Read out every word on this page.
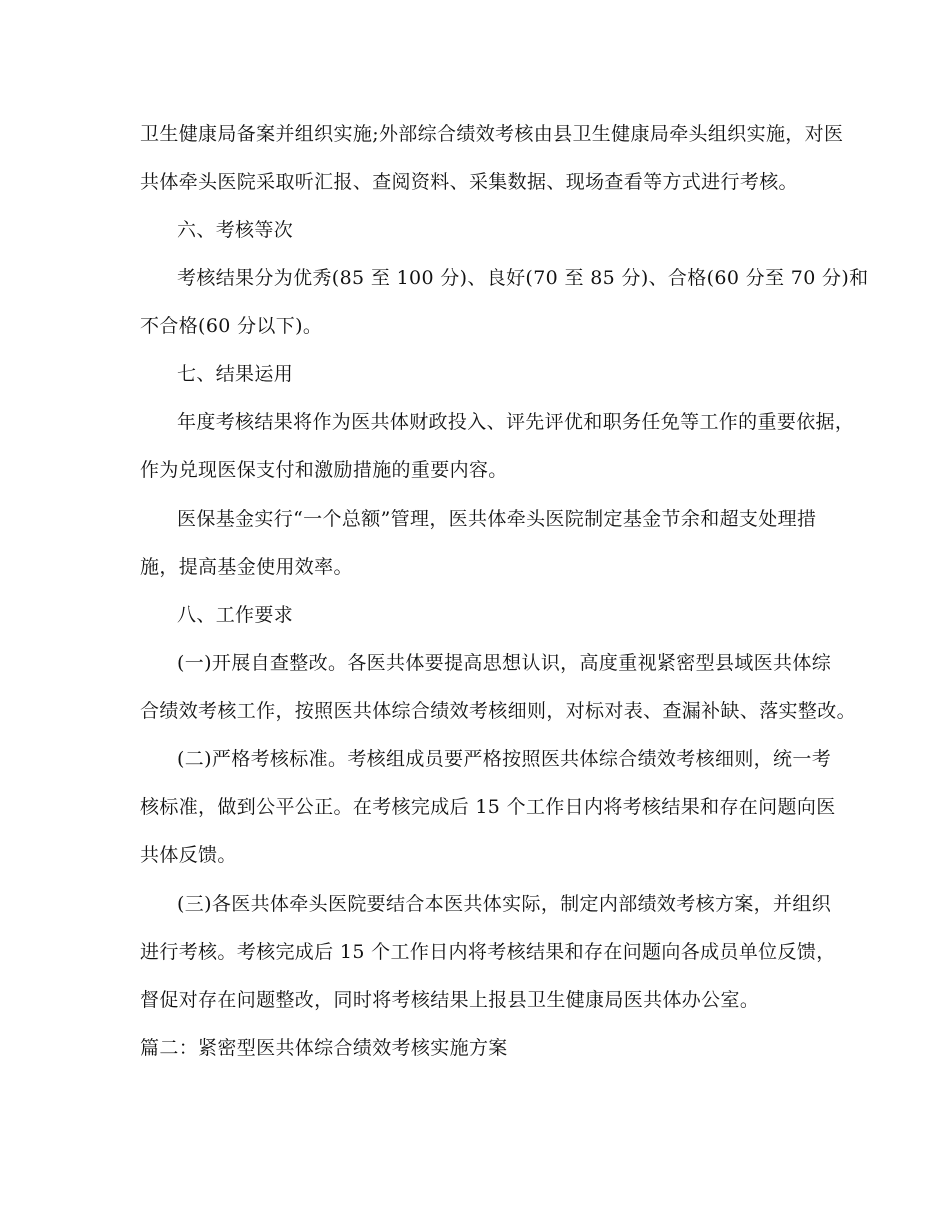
卫生健康局备案并组织实施;外部综合绩效考核由县卫生健康局牵头组织实施，对医
共体牵头医院采取听汇报、查阅资料、采集数据、现场查看等方式进行考核。
六、考核等次
考核结果分为优秀(85 至 100 分)、良好(70 至 85 分)、合格(60 分至 70 分)和
不合格(60 分以下)。
七、结果运用
年度考核结果将作为医共体财政投入、评先评优和职务任免等工作的重要依据，
作为兑现医保支付和激励措施的重要内容。
医保基金实行“一个总额”管理，医共体牵头医院制定基金节余和超支处理措
施，提高基金使用效率。
八、工作要求
(一)开展自查整改。各医共体要提高思想认识，高度重视紧密型县域医共体综
合绩效考核工作，按照医共体综合绩效考核细则，对标对表、查漏补缺、落实整改。
(二)严格考核标准。考核组成员要严格按照医共体综合绩效考核细则，统一考
核标准，做到公平公正。在考核完成后 15 个工作日内将考核结果和存在问题向医
共体反馈。
(三)各医共体牵头医院要结合本医共体实际，制定内部绩效考核方案，并组织
进行考核。考核完成后 15 个工作日内将考核结果和存在问题向各成员单位反馈，
督促对存在问题整改，同时将考核结果上报县卫生健康局医共体办公室。
篇二：紧密型医共体综合绩效考核实施方案
